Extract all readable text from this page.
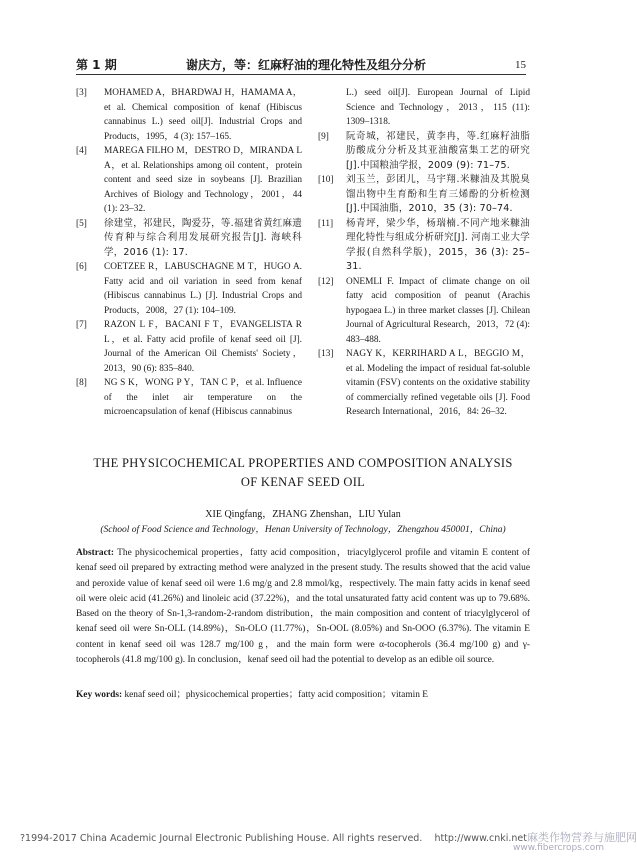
第 1 期	谢庆方，等：红麻籽油的理化特性及组分分析	15
[3]	MOHAMED A，BHARDWAJ H，HAMAMA A，et al. Chemical composition of kenaf (Hibiscus cannabinus L.) seed oil[J]. Industrial Crops and Products，1995，4 (3): 157–165.
[4]	MAREGA FILHO M，DESTRO D，MIRANDA L A，et al. Relationships among oil content，protein content and seed size in soybeans [J]. Brazilian Archives of Biology and Technology，2001，44 (1): 23–32.
[5]	徐建堂，祁建民，陶爱芬，等.福建省黄红麻遗传育种与综合利用发展研究报告[J]. 海峡科学，2016 (1): 17.
[6]	COETZEE R，LABUSCHAGNE M T，HUGO A. Fatty acid and oil variation in seed from kenaf (Hibiscus cannabinus L.) [J]. Industrial Crops and Products，2008，27 (1): 104–109.
[7]	RAZON L F，BACANI F T，EVANGELISTA R L，et al. Fatty acid profile of kenaf seed oil [J]. Journal of the American Oil Chemists' Society，2013，90 (6): 835–840.
[8]	NG S K，WONG P Y，TAN C P，et al. Influence of the inlet air temperature on the microencapsulation of kenaf (Hibiscus cannabinus
L.) seed oil[J]. European Journal of Lipid Science and Technology，2013，115 (11): 1309–1318.
[9]	阮奇城，祁建民，黄李冉，等.红麻籽油脂肪酸成分分析及其亚油酸富集工艺的研究 [J].中国粮油学报，2009 (9): 71–75.
[10]	刘玉兰，彭团儿，马宇翔.米糠油及其脱臭馏出物中生育酚和生育三烯酚的分析检测[J].中国油脂，2010，35 (3): 70–74.
[11]	杨青坪，梁少华，杨瑞楠.不同产地米糠油理化特性与组成分析研究[J]. 河南工业大学学报(自然科学版)，2015，36 (3): 25–31.
[12]	ONEMLI F. Impact of climate change on oil fatty acid composition of peanut (Arachis hypogaea L.) in three market classes [J]. Chilean Journal of Agricultural Research，2013，72 (4): 483–488.
[13]	NAGY K，KERRIHARD A L，BEGGIO M，et al. Modeling the impact of residual fat-soluble vitamin (FSV) contents on the oxidative stability of commercially refined vegetable oils [J]. Food Research International，2016，84: 26–32.
THE PHYSICOCHEMICAL PROPERTIES AND COMPOSITION ANALYSIS
OF KENAF SEED OIL
XIE Qingfang，ZHANG Zhenshan，LIU Yulan
(School of Food Science and Technology，Henan University of Technology，Zhengzhou 450001，China)
Abstract: The physicochemical properties，fatty acid composition，triacylglycerol profile and vitamin E content of kenaf seed oil prepared by extracting method were analyzed in the present study. The results showed that the acid value and peroxide value of kenaf seed oil were 1.6 mg/g and 2.8 mmol/kg，respectively. The main fatty acids in kenaf seed oil were oleic acid (41.26%) and linoleic acid (37.22%)，and the total unsaturated fatty acid content was up to 79.68%. Based on the theory of Sn-1,3-random-2-random distribution，the main composition and content of triacylglycerol of kenaf seed oil were Sn-OLL (14.89%)，Sn-OLO (11.77%)，Sn-OOL (8.05%) and Sn-OOO (6.37%). The vitamin E content in kenaf seed oil was 128.7 mg/100 g，and the main form were α-tocopherols (36.4 mg/100 g) and γ-tocopherols (41.8 mg/100 g). In conclusion，kenaf seed oil had the potential to develop as an edible oil source.
Key words: kenaf seed oil；physicochemical properties；fatty acid composition；vitamin E
?1994-2017 China Academic Journal Electronic Publishing House. All rights reserved. http://www.cnki.net麻类作物营养与施肥网
www.fibercrops.com
